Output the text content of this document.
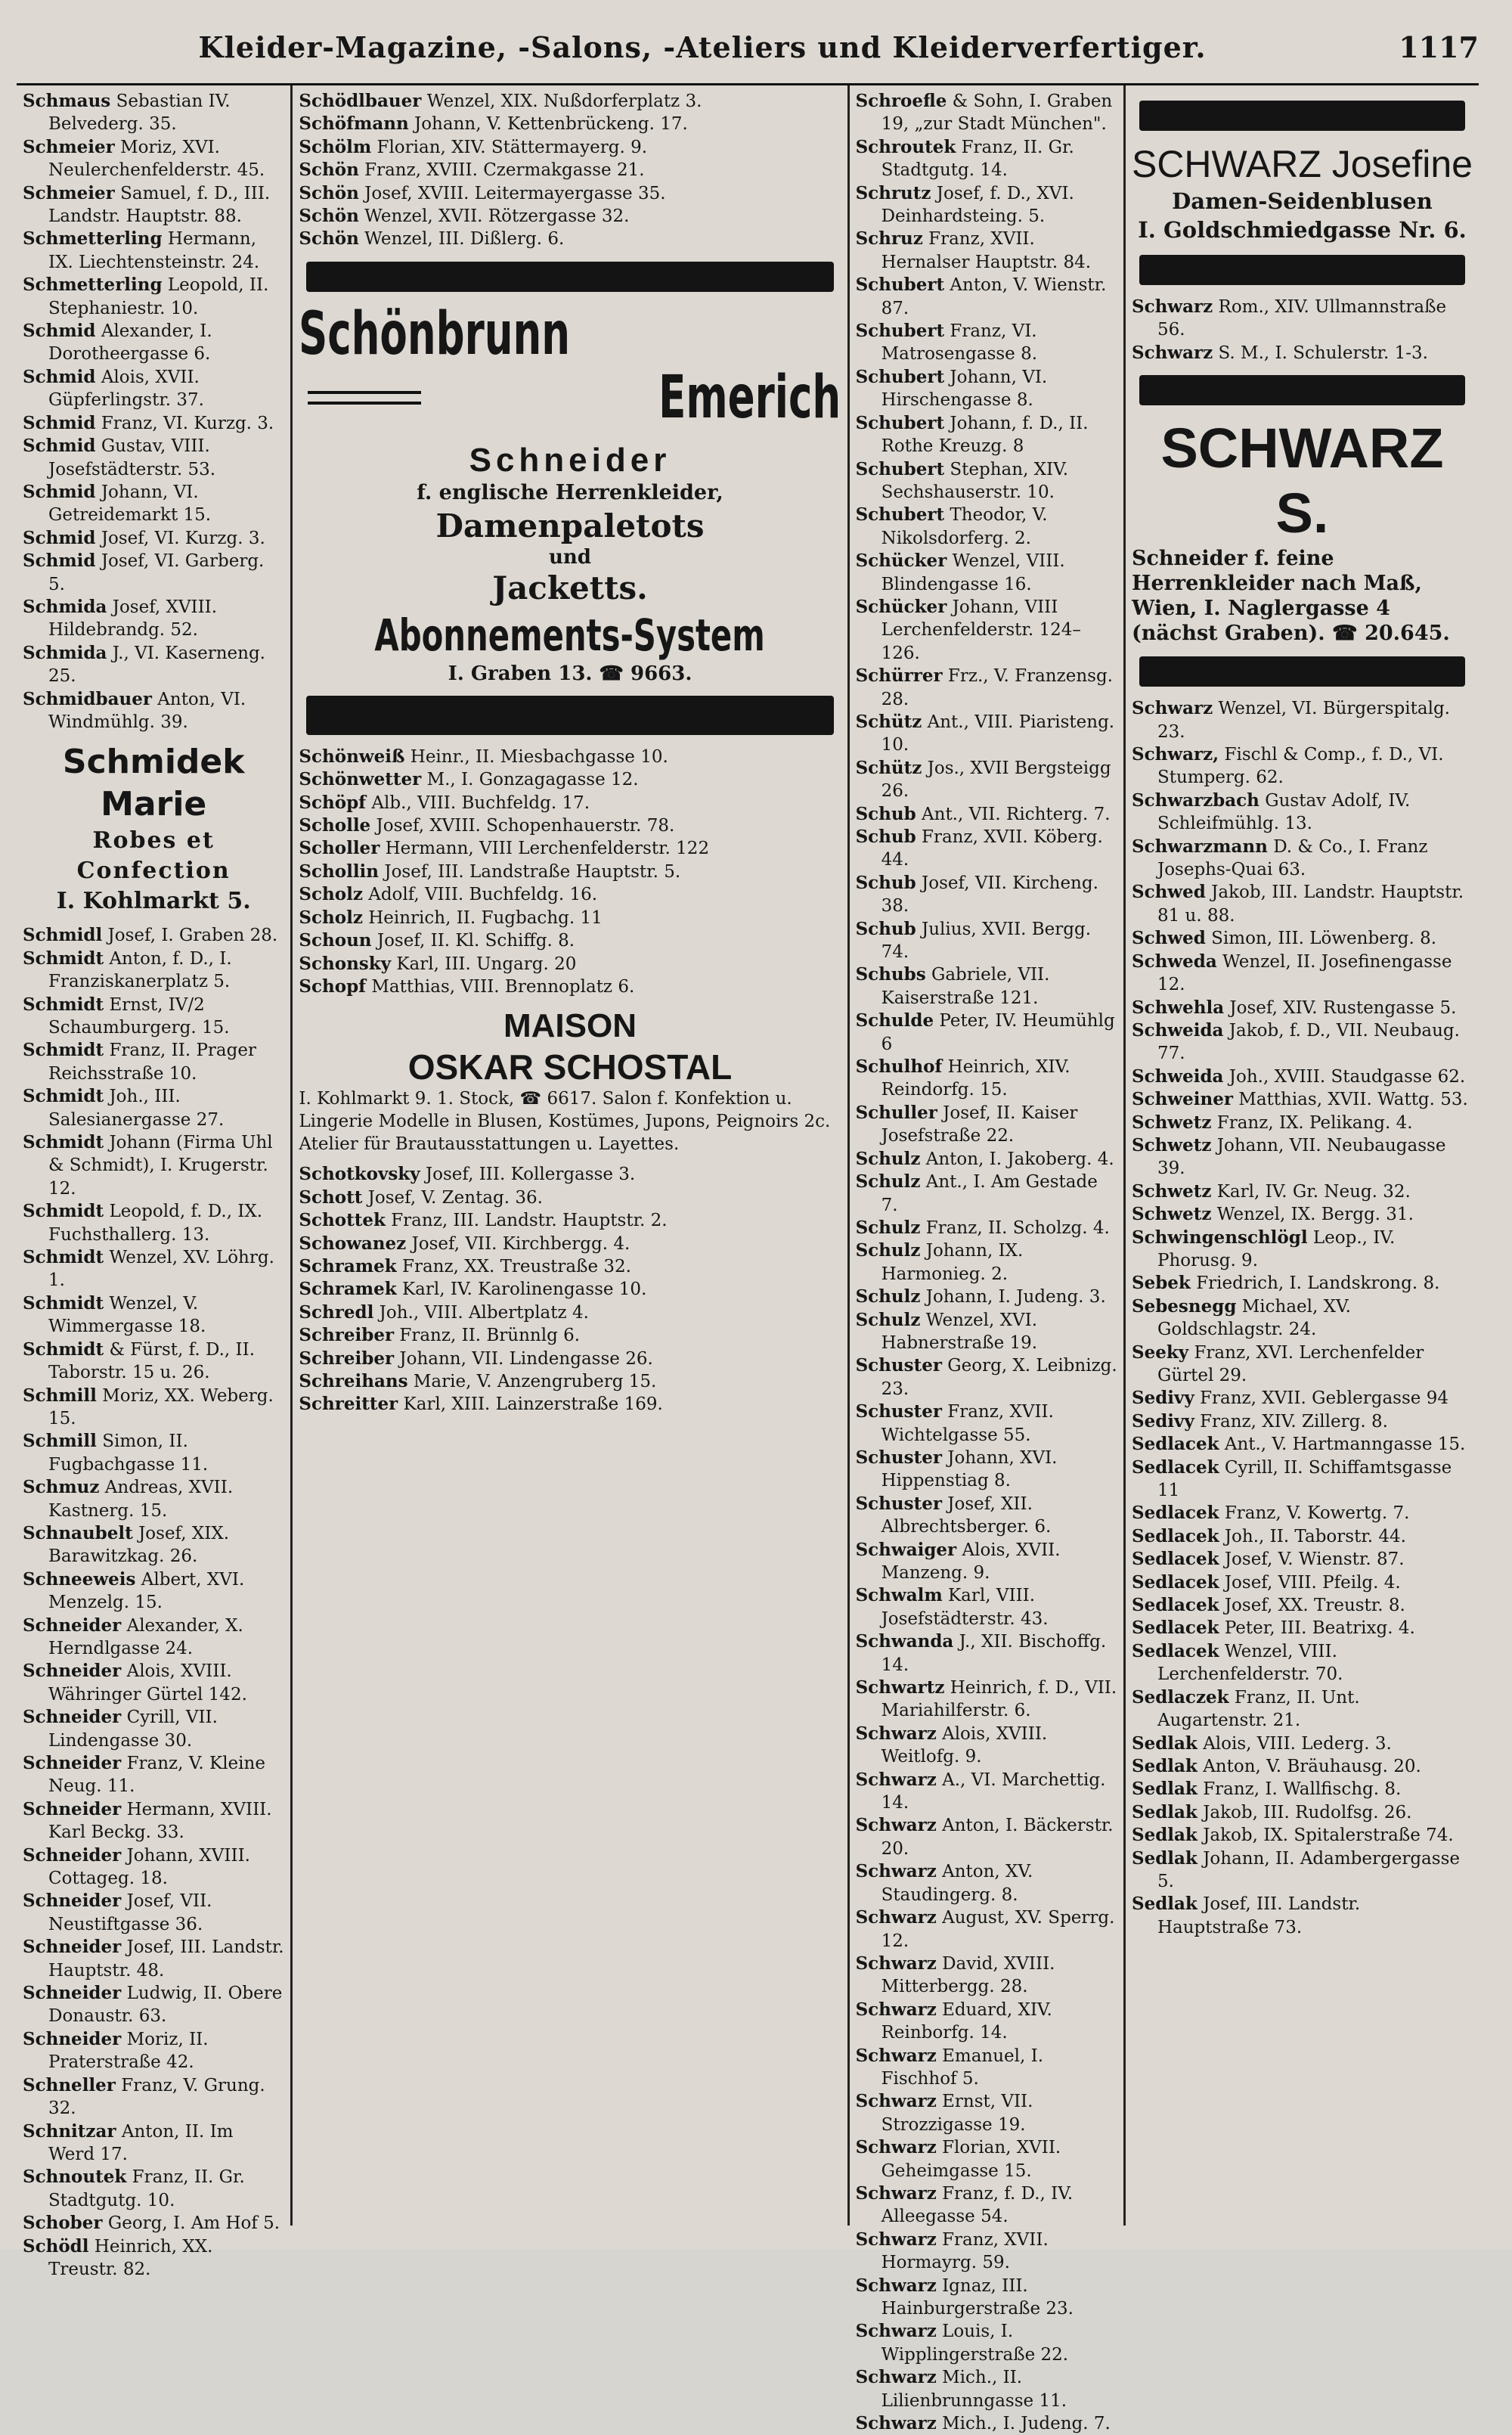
Kleider-Magazine, -Salons, -Ateliers und Kleiderverfertiger.	1117

Schmaus Sebastian IV. Belvederg. 35.

Schmeier Moriz, XVI. Neulerchenfelderstr. 45.

Schmeier Samuel, f. D., III. Landstr. Hauptstr. 88.

Schmetterling Hermann, IX. Liechtensteinstr. 24.

Schmetterling Leopold, II. Stephaniestr. 10.

Schmid Alexander, I. Dorotheergasse 6.

Schmid Alois, XVII. Güpferlingstr. 37.

Schmid Franz, VI. Kurzg. 3.

Schmid Gustav, VIII. Josefstädterstr. 53.

Schmid Johann, VI. Getreidemarkt 15.

Schmid Josef, VI. Kurzg. 3.

Schmid Josef, VI. Garberg. 5.

Schmida Josef, XVIII. Hildebrandg. 52.

Schmida J., VI. Kaserneng. 25.

Schmidbauer Anton, VI. Windmühlg. 39.

Schmidek Marie
Robes et Confection
I. Kohlmarkt 5.

Schmidl Josef, I. Graben 28.

Schmidt Anton, f. D., I. Franziskanerplatz 5.

Schmidt Ernst, IV/2 Schaumburgerg. 15.

Schmidt Franz, II. Prager Reichsstraße 10.

Schmidt Joh., III. Salesianergasse 27.

Schmidt Johann (Firma Uhl & Schmidt), I. Krugerstr. 12.

Schmidt Leopold, f. D., IX. Fuchsthallerg. 13.

Schmidt Wenzel, XV. Löhrg. 1.

Schmidt Wenzel, V. Wimmergasse 18.

Schmidt & Fürst, f. D., II. Taborstr. 15 u. 26.

Schmill Moriz, XX. Weberg. 15.

Schmill Simon, II. Fugbachgasse 11.

Schmuz Andreas, XVII. Kastnerg. 15.

Schnaubelt Josef, XIX. Barawitzkag. 26.

Schneeweis Albert, XVI. Menzelg. 15.

Schneider Alexander, X. Herndlgasse 24.

Schneider Alois, XVIII. Währinger Gürtel 142.

Schneider Cyrill, VII. Lindengasse 30.

Schneider Franz, V. Kleine Neug. 11.

Schneider Hermann, XVIII. Karl Beckg. 33.

Schneider Johann, XVIII. Cottageg. 18.

Schneider Josef, VII. Neustiftgasse 36.

Schneider Josef, III. Landstr. Hauptstr. 48.

Schneider Ludwig, II. Obere Donaustr. 63.

Schneider Moriz, II. Praterstraße 42.

Schneller Franz, V. Grung. 32.

Schnitzar Anton, II. Im Werd 17.

Schnoutek Franz, II. Gr. Stadtgutg. 10.

Schober Georg, I. Am Hof 5.

Schödl Heinrich, XX. Treustr. 82.

Schödlbauer Wenzel, XIX. Nußdorferplatz 3.

Schöfmann Johann, V. Kettenbrückeng. 17.

Schölm Florian, XIV. Stättermayerg. 9.

Schön Franz, XVIII. Czermakgasse 21.

Schön Josef, XVIII. Leitermayergasse 35.

Schön Wenzel, XVII. Rötzergasse 32.

Schön Wenzel, III. Dißlerg. 6.

Schönbrunn
Emerich
Schneider
f. englische Herrenkleider,
Damenpaletots
und
Jacketts.
Abonnements-System
I. Graben 13. ☎ 9663.

Schönweiß Heinr., II. Miesbachgasse 10.

Schönwetter M., I. Gonzagagasse 12.

Schöpf Alb., VIII. Buchfeldg. 17.

Scholle Josef, XVIII. Schopenhauerstr. 78.

Scholler Hermann, VIII Lerchenfelderstr. 122

Schollin Josef, III. Landstraße Hauptstr. 5.

Scholz Adolf, VIII. Buchfeldg. 16.

Scholz Heinrich, II. Fugbachg. 11

Schoun Josef, II. Kl. Schiffg. 8.

Schonsky Karl, III. Ungarg. 20

Schopf Matthias, VIII. Brennoplatz 6.

MAISON
OSKAR SCHOSTAL
I. Kohlmarkt 9. 1. Stock, ☎ 6617. Salon f. Konfektion u. Lingerie Modelle in Blusen, Kostümes, Jupons, Peignoirs 2c. Atelier für Brautausstattungen u. Layettes.

Schotkovsky Josef, III. Kollergasse 3.

Schott Josef, V. Zentag. 36.

Schottek Franz, III. Landstr. Hauptstr. 2.

Schowanez Josef, VII. Kirchbergg. 4.

Schramek Franz, XX. Treustraße 32.

Schramek Karl, IV. Karolinengasse 10.

Schredl Joh., VIII. Albertplatz 4.

Schreiber Franz, II. Brünnlg 6.

Schreiber Johann, VII. Lindengasse 26.

Schreihans Marie, V. Anzengruberg 15.

Schreitter Karl, XIII. Lainzerstraße 169.

Schroefle & Sohn, I. Graben 19, „zur Stadt München".

Schroutek Franz, II. Gr. Stadtgutg. 14.

Schrutz Josef, f. D., XVI. Deinhardsteing. 5.

Schruz Franz, XVII. Hernalser Hauptstr. 84.

Schubert Anton, V. Wienstr. 87.

Schubert Franz, VI. Matrosengasse 8.

Schubert Johann, VI. Hirschengasse 8.

Schubert Johann, f. D., II. Rothe Kreuzg. 8

Schubert Stephan, XIV. Sechshauserstr. 10.

Schubert Theodor, V. Nikolsdorferg. 2.

Schücker Wenzel, VIII. Blindengasse 16.

Schücker Johann, VIII Lerchenfelderstr. 124–126.

Schürrer Frz., V. Franzensg. 28.

Schütz Ant., VIII. Piaristeng. 10.

Schütz Jos., XVII Bergsteigg 26.

Schub Ant., VII. Richterg. 7.

Schub Franz, XVII. Köberg. 44.

Schub Josef, VII. Kircheng. 38.

Schub Julius, XVII. Bergg. 74.

Schubs Gabriele, VII. Kaiserstraße 121.

Schulde Peter, IV. Heumühlg 6

Schulhof Heinrich, XIV. Reindorfg. 15.

Schuller Josef, II. Kaiser Josefstraße 22.

Schulz Anton, I. Jakoberg. 4.

Schulz Ant., I. Am Gestade 7.

Schulz Franz, II. Scholzg. 4.

Schulz Johann, IX. Harmonieg. 2.

Schulz Johann, I. Judeng. 3.

Schulz Wenzel, XVI. Habnerstraße 19.

Schuster Georg, X. Leibnizg. 23.

Schuster Franz, XVII. Wichtelgasse 55.

Schuster Johann, XVI. Hippenstiag 8.

Schuster Josef, XII. Albrechtsberger. 6.

Schwaiger Alois, XVII. Manzeng. 9.

Schwalm Karl, VIII. Josefstädterstr. 43.

Schwanda J., XII. Bischoffg. 14.

Schwartz Heinrich, f. D., VII. Mariahilferstr. 6.

Schwarz Alois, XVIII. Weitlofg. 9.

Schwarz A., VI. Marchettig. 14.

Schwarz Anton, I. Bäckerstr. 20.

Schwarz Anton, XV. Staudingerg. 8.

Schwarz August, XV. Sperrg. 12.

Schwarz David, XVIII. Mitterbergg. 28.

Schwarz Eduard, XIV. Reinborfg. 14.

Schwarz Emanuel, I. Fischhof 5.

Schwarz Ernst, VII. Strozzigasse 19.

Schwarz Florian, XVII. Geheimgasse 15.

Schwarz Franz, f. D., IV. Alleegasse 54.

Schwarz Franz, XVII. Hormayrg. 59.

Schwarz Ignaz, III. Hainburgerstraße 23.

Schwarz Louis, I. Wipplingerstraße 22.

Schwarz Mich., II. Lilienbrunngasse 11.

Schwarz Mich., I. Judeng. 7.

SCHWARZ Josefine
Damen-Seidenblusen
I. Goldschmiedgasse Nr. 6.

Schwarz Rom., XIV. Ullmannstraße 56.

Schwarz S. M., I. Schulerstr. 1-3.

SCHWARZ S.
Schneider f. feine Herrenkleider nach Maß, Wien, I. Naglergasse 4 (nächst Graben). ☎ 20.645.

Schwarz Wenzel, VI. Bürgerspitalg. 23.

Schwarz, Fischl & Comp., f. D., VI. Stumperg. 62.

Schwarzbach Gustav Adolf, IV. Schleifmühlg. 13.

Schwarzmann D. & Co., I. Franz Josephs-Quai 63.

Schwed Jakob, III. Landstr. Hauptstr. 81 u. 88.

Schwed Simon, III. Löwenberg. 8.

Schweda Wenzel, II. Josefinengasse 12.

Schwehla Josef, XIV. Rustengasse 5.

Schweida Jakob, f. D., VII. Neubaug. 77.

Schweida Joh., XVIII. Staudgasse 62.

Schweiner Matthias, XVII. Wattg. 53.

Schwetz Franz, IX. Pelikang. 4.

Schwetz Johann, VII. Neubaugasse 39.

Schwetz Karl, IV. Gr. Neug. 32.

Schwetz Wenzel, IX. Bergg. 31.

Schwingenschlögl Leop., IV. Phorusg. 9.

Sebek Friedrich, I. Landskrong. 8.

Sebesnegg Michael, XV. Goldschlagstr. 24.

Seeky Franz, XVI. Lerchenfelder Gürtel 29.

Sedivy Franz, XVII. Geblergasse 94

Sedivy Franz, XIV. Zillerg. 8.

Sedlacek Ant., V. Hartmanngasse 15.

Sedlacek Cyrill, II. Schiffamtsgasse 11

Sedlacek Franz, V. Kowertg. 7.

Sedlacek Joh., II. Taborstr. 44.

Sedlacek Josef, V. Wienstr. 87.

Sedlacek Josef, VIII. Pfeilg. 4.

Sedlacek Josef, XX. Treustr. 8.

Sedlacek Peter, III. Beatrixg. 4.

Sedlacek Wenzel, VIII. Lerchenfelderstr. 70.

Sedlaczek Franz, II. Unt. Augartenstr. 21.

Sedlak Alois, VIII. Lederg. 3.

Sedlak Anton, V. Bräuhausg. 20.

Sedlak Franz, I. Wallfischg. 8.

Sedlak Jakob, III. Rudolfsg. 26.

Sedlak Jakob, IX. Spitalerstraße 74.

Sedlak Johann, II. Adambergergasse 5.

Sedlak Josef, III. Landstr. Hauptstraße 73.
